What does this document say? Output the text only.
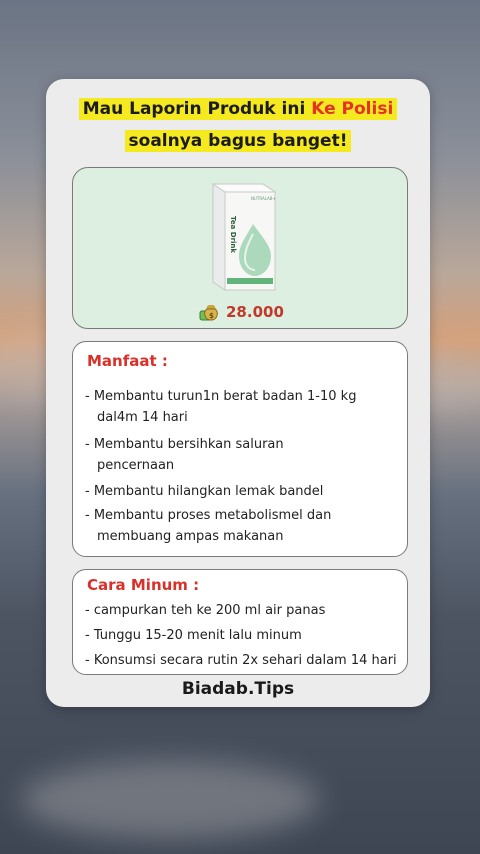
Mau Laporin Produk ini Ke Polisi
soalnya bagus banget!
Tea Drink
NUTRALAB+
$ 28.000
Manfaat :
- Membantu turun1n berat badan 1-10 kg
dal4m 14 hari
- Membantu bersihkan saluran
pencernaan
- Membantu hilangkan lemak bandel
- Membantu proses metabolismel dan
membuang ampas makanan
Cara Minum :
- campurkan teh ke 200 ml air panas
- Tunggu 15-20 menit lalu minum
- Konsumsi secara rutin 2x sehari dalam 14 hari
Biadab.Tips
